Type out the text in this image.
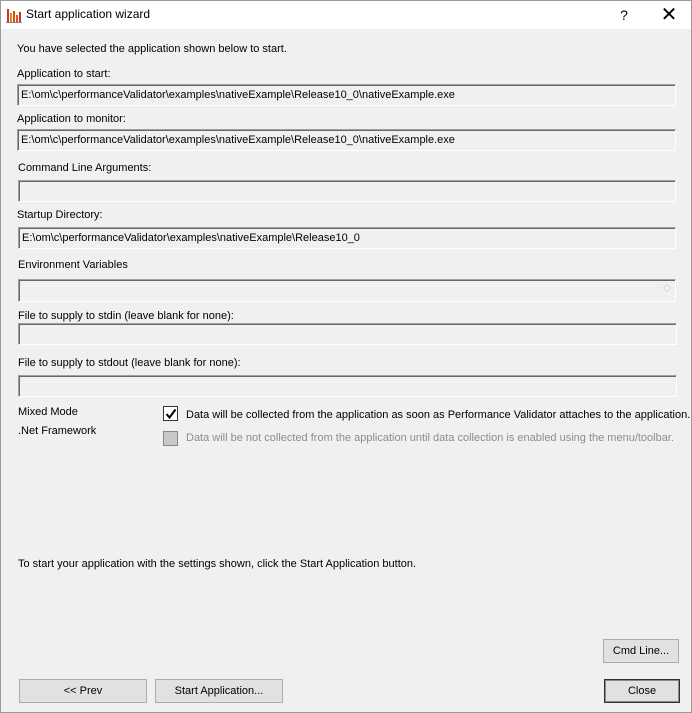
Start application wizard	?	✕
You have selected the application shown below to start.
Application to start:
E:\om\c\performanceValidator\examples\nativeExample\Release10_0\nativeExample.exe
Application to monitor:
E:\om\c\performanceValidator\examples\nativeExample\Release10_0\nativeExample.exe
Command Line Arguments:
Startup Directory:
E:\om\c\performanceValidator\examples\nativeExample\Release10_0
Environment Variables
︿
﹀
File to supply to stdin (leave blank for none):
File to supply to stdout (leave blank for none):
Mixed Mode
.Net Framework
Data will be collected from the application as soon as Performance Validator attaches to the application.
Data will be not collected from the application until data collection is enabled using the menu/toolbar.
To start your application with the settings shown, click the Start Application button.
Cmd Line...
<< Prev	Start Application...	Close
